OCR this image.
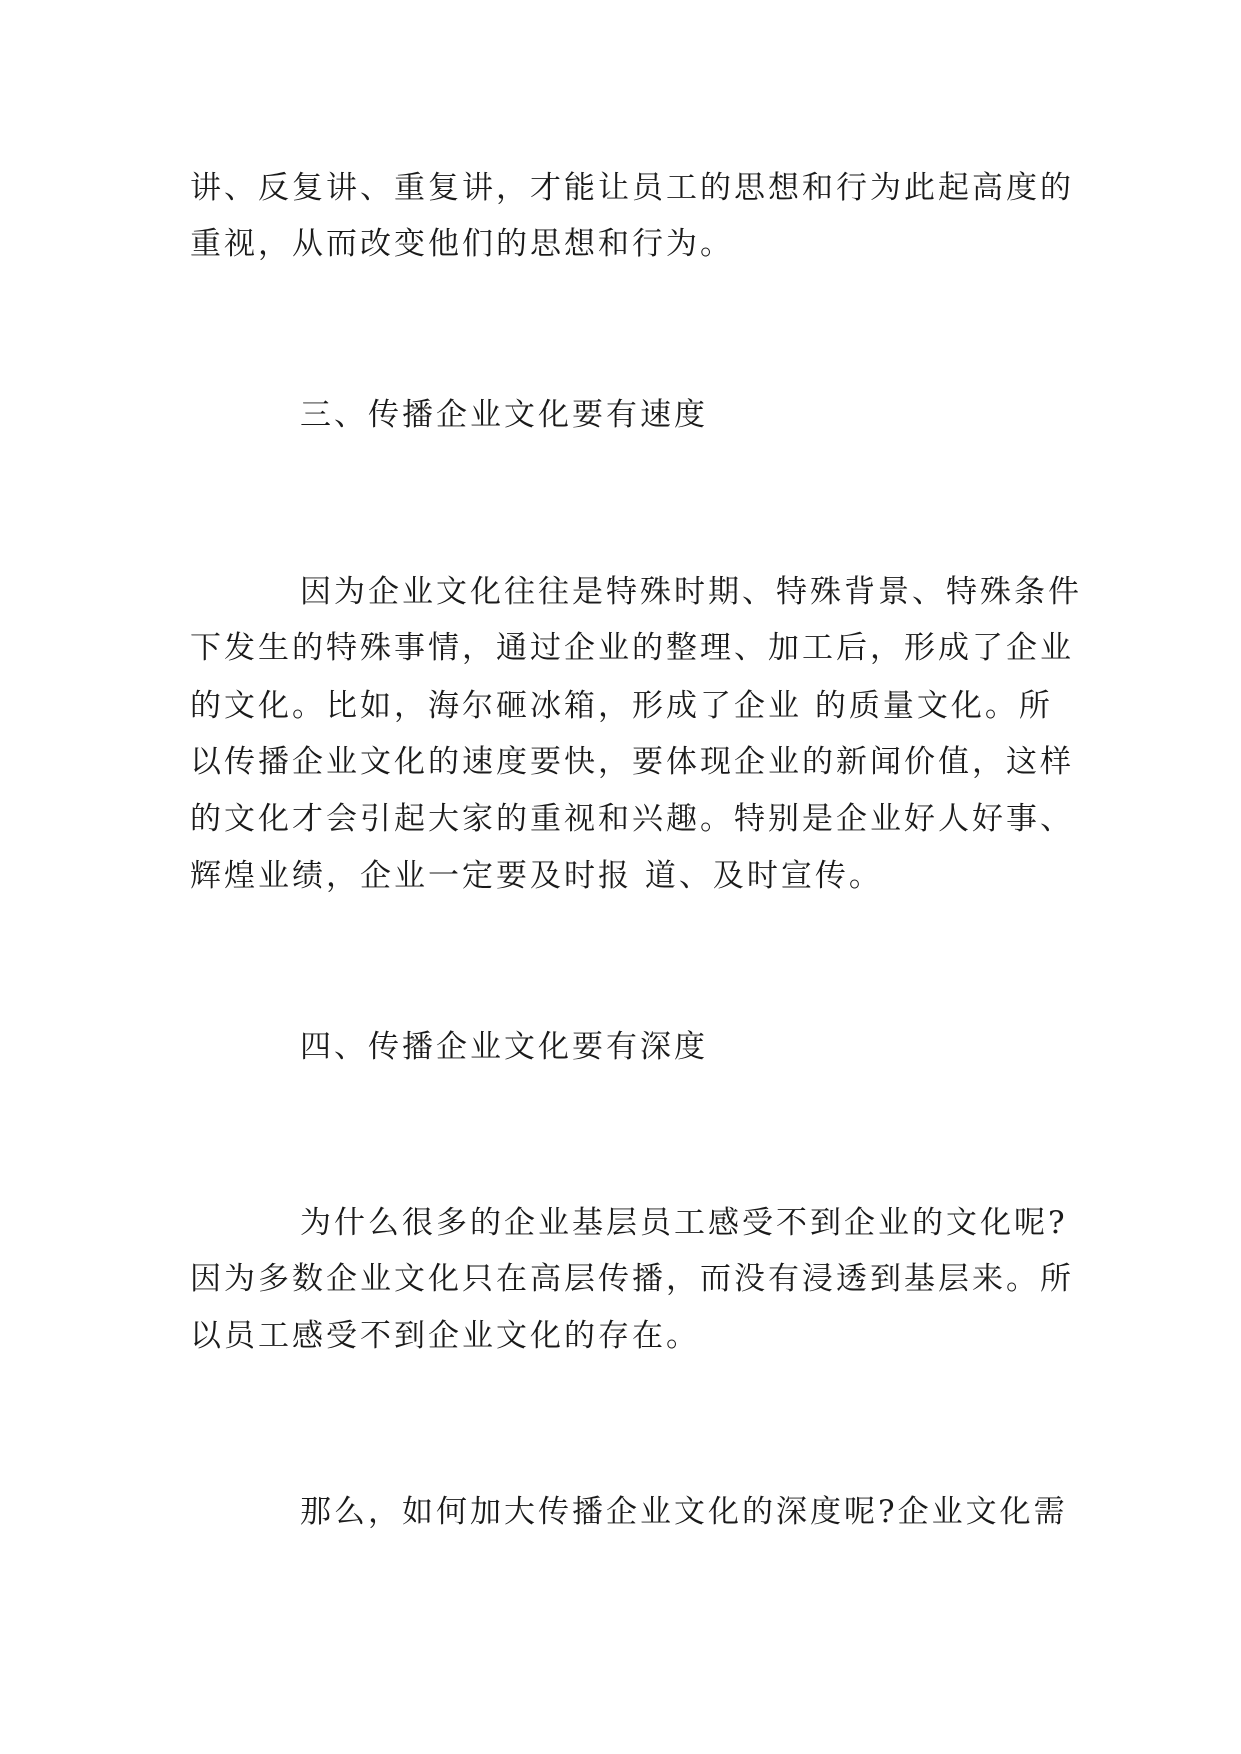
讲、反复讲、重复讲，才能让员工的思想和行为此起高度的
重视，从而改变他们的思想和行为。
三、传播企业文化要有速度
因为企业文化往往是特殊时期、特殊背景、特殊条件
下发生的特殊事情，通过企业的整理、加工后，形成了企业
的文化。比如，海尔砸冰箱，形成了企业 的质量文化。所
以传播企业文化的速度要快，要体现企业的新闻价值，这样
的文化才会引起大家的重视和兴趣。特别是企业好人好事、
辉煌业绩，企业一定要及时报 道、及时宣传。
四、传播企业文化要有深度
为什么很多的企业基层员工感受不到企业的文化呢?
因为多数企业文化只在高层传播，而没有浸透到基层来。所
以员工感受不到企业文化的存在。
那么，如何加大传播企业文化的深度呢?企业文化需
